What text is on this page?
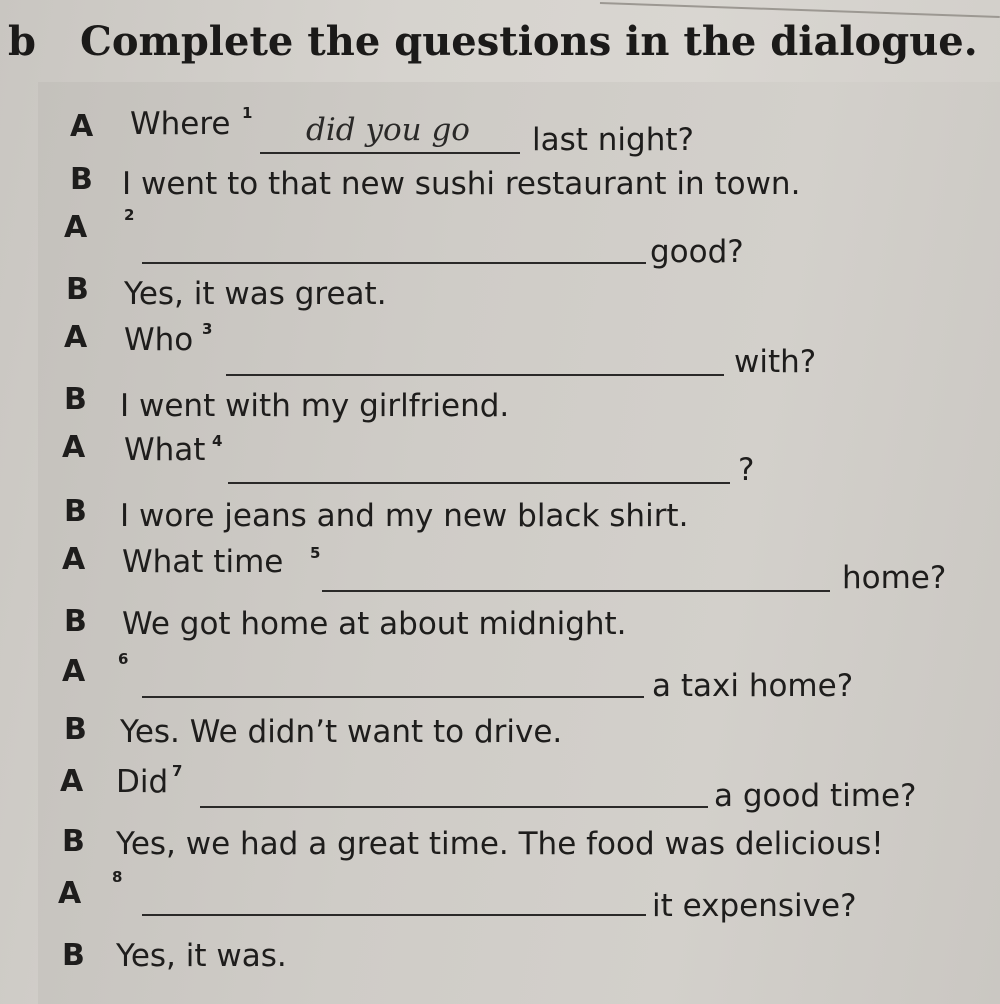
b Complete the questions in the dialogue.
A Where 1 did you go last night?
B I went to that new sushi restaurant in town.
A 2
good?
B Yes, it was great.
A Who 3
with?
B I went with my girlfriend.
A What 4
?
B I wore jeans and my new black shirt.
A What time 5
home?
B We got home at about midnight.
A 6
a taxi home?
B Yes. We didn’t want to drive.
A Did 7
a good time?
B Yes, we had a great time. The food was delicious!
A 8
it expensive?
B Yes, it was.
